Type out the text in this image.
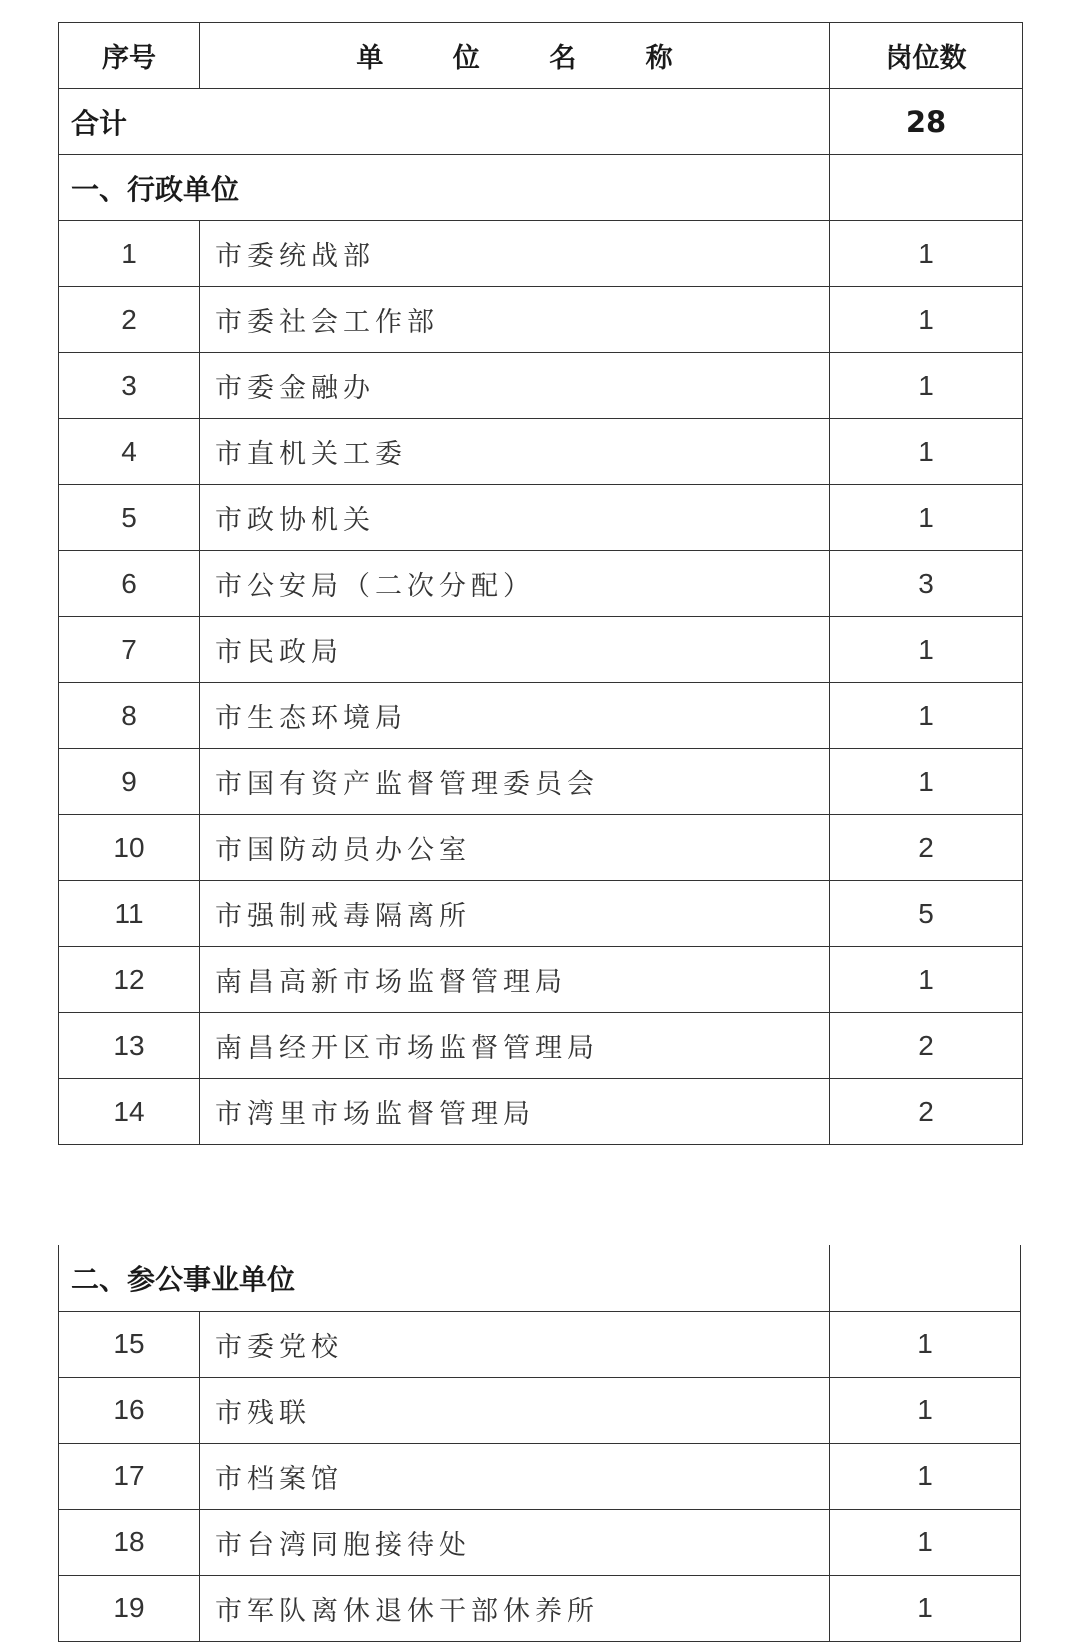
序号	单 位 名 称	岗位数
合计		28
一、行政单位		
1	市委统战部	1
2	市委社会工作部	1
3	市委金融办	1
4	市直机关工委	1
5	市政协机关	1
6	市公安局（二次分配）	3
7	市民政局	1
8	市生态环境局	1
9	市国有资产监督管理委员会	1
10	市国防动员办公室	2
11	市强制戒毒隔离所	5
12	南昌高新市场监督管理局	1
13	南昌经开区市场监督管理局	2
14	市湾里市场监督管理局	2
二、参公事业单位		
15	市委党校	1
16	市残联	1
17	市档案馆	1
18	市台湾同胞接待处	1
19	市军队离休退休干部休养所	1
